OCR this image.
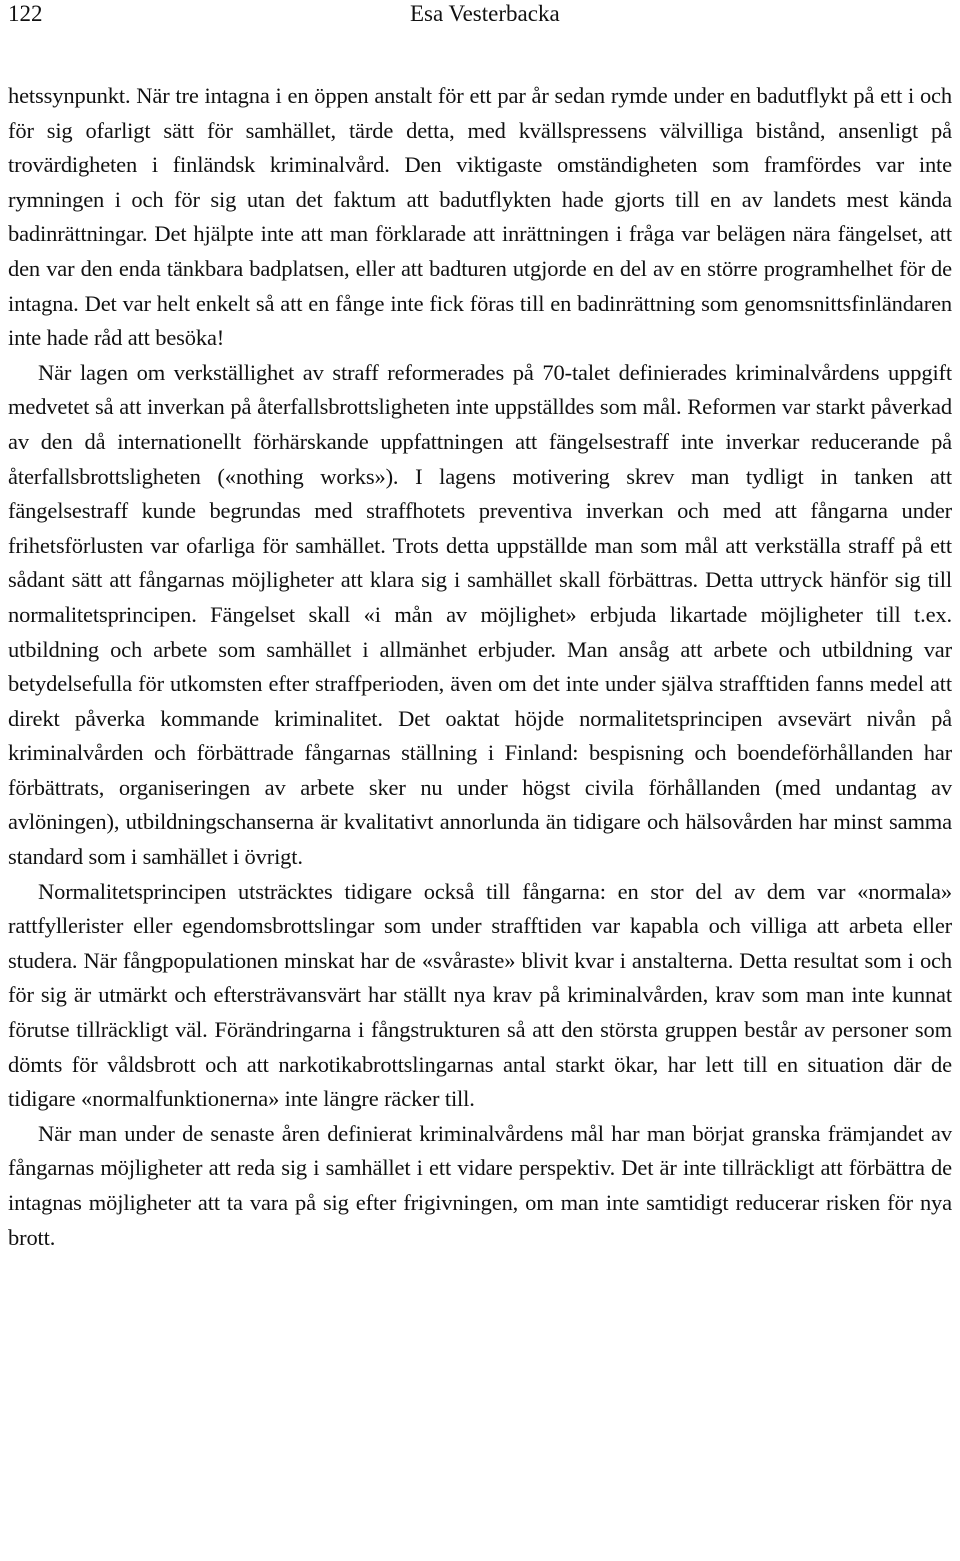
122	Esa Vesterbacka

hetssynpunkt. När tre intagna i en öppen anstalt för ett par år sedan rymde under en badutflykt på ett i och för sig ofarligt sätt för samhället, tärde detta, med kvällspressens välvilliga bistånd, ansenligt på trovärdigheten i finländsk kriminalvård. Den viktigaste omständigheten som framfördes var inte rymningen i och för sig utan det faktum att badutflykten hade gjorts till en av landets mest kända badinrättningar. Det hjälpte inte att man förklarade att inrättningen i fråga var belägen nära fängelset, att den var den enda tänkbara badplatsen, eller att badturen utgjorde en del av en större programhelhet för de intagna. Det var helt enkelt så att en fånge inte fick föras till en badinrättning som genomsnittsfinländaren inte hade råd att besöka!

När lagen om verkställighet av straff reformerades på 70-talet definierades kriminalvårdens uppgift medvetet så att inverkan på återfallsbrottsligheten inte uppställdes som mål. Reformen var starkt påverkad av den då internationellt förhärskande uppfattningen att fängelsestraff inte inverkar reducerande på återfallsbrottsligheten («nothing works»). I lagens motivering skrev man tydligt in tanken att fängelsestraff kunde begrundas med straffhotets preventiva inverkan och med att fångarna under frihetsförlusten var ofarliga för samhället. Trots detta uppställde man som mål att verkställa straff på ett sådant sätt att fångarnas möjligheter att klara sig i samhället skall förbättras. Detta uttryck hänför sig till normalitetsprincipen. Fängelset skall «i mån av möjlighet» erbjuda likartade möjligheter till t.ex. utbildning och arbete som samhället i allmänhet erbjuder. Man ansåg att arbete och utbildning var betydelsefulla för utkomsten efter straffperioden, även om det inte under själva strafftiden fanns medel att direkt påverka kommande kriminalitet. Det oaktat höjde normalitetsprincipen avsevärt nivån på kriminalvården och förbättrade fångarnas ställning i Finland: bespisning och boendeförhållanden har förbättrats, organiseringen av arbete sker nu under högst civila förhållanden (med undantag av avlöningen), utbildningschanserna är kvalitativt annorlunda än tidigare och hälsovården har minst samma standard som i samhället i övrigt.

Normalitetsprincipen utsträcktes tidigare också till fångarna: en stor del av dem var «normala» rattfyllerister eller egendomsbrottslingar som under strafftiden var kapabla och villiga att arbeta eller studera. När fångpopulationen minskat har de «svåraste» blivit kvar i anstalterna. Detta resultat som i och för sig är utmärkt och eftersträvansvärt har ställt nya krav på kriminalvården, krav som man inte kunnat förutse tillräckligt väl. Förändringarna i fångstrukturen så att den största gruppen består av personer som dömts för våldsbrott och att narkotikabrottslingarnas antal starkt ökar, har lett till en situation där de tidigare «normalfunktionerna» inte längre räcker till.

När man under de senaste åren definierat kriminalvårdens mål har man börjat granska främjandet av fångarnas möjligheter att reda sig i samhället i ett vidare perspektiv. Det är inte tillräckligt att förbättra de intagnas möjligheter att ta vara på sig efter frigivningen, om man inte samtidigt reducerar risken för nya brott.
